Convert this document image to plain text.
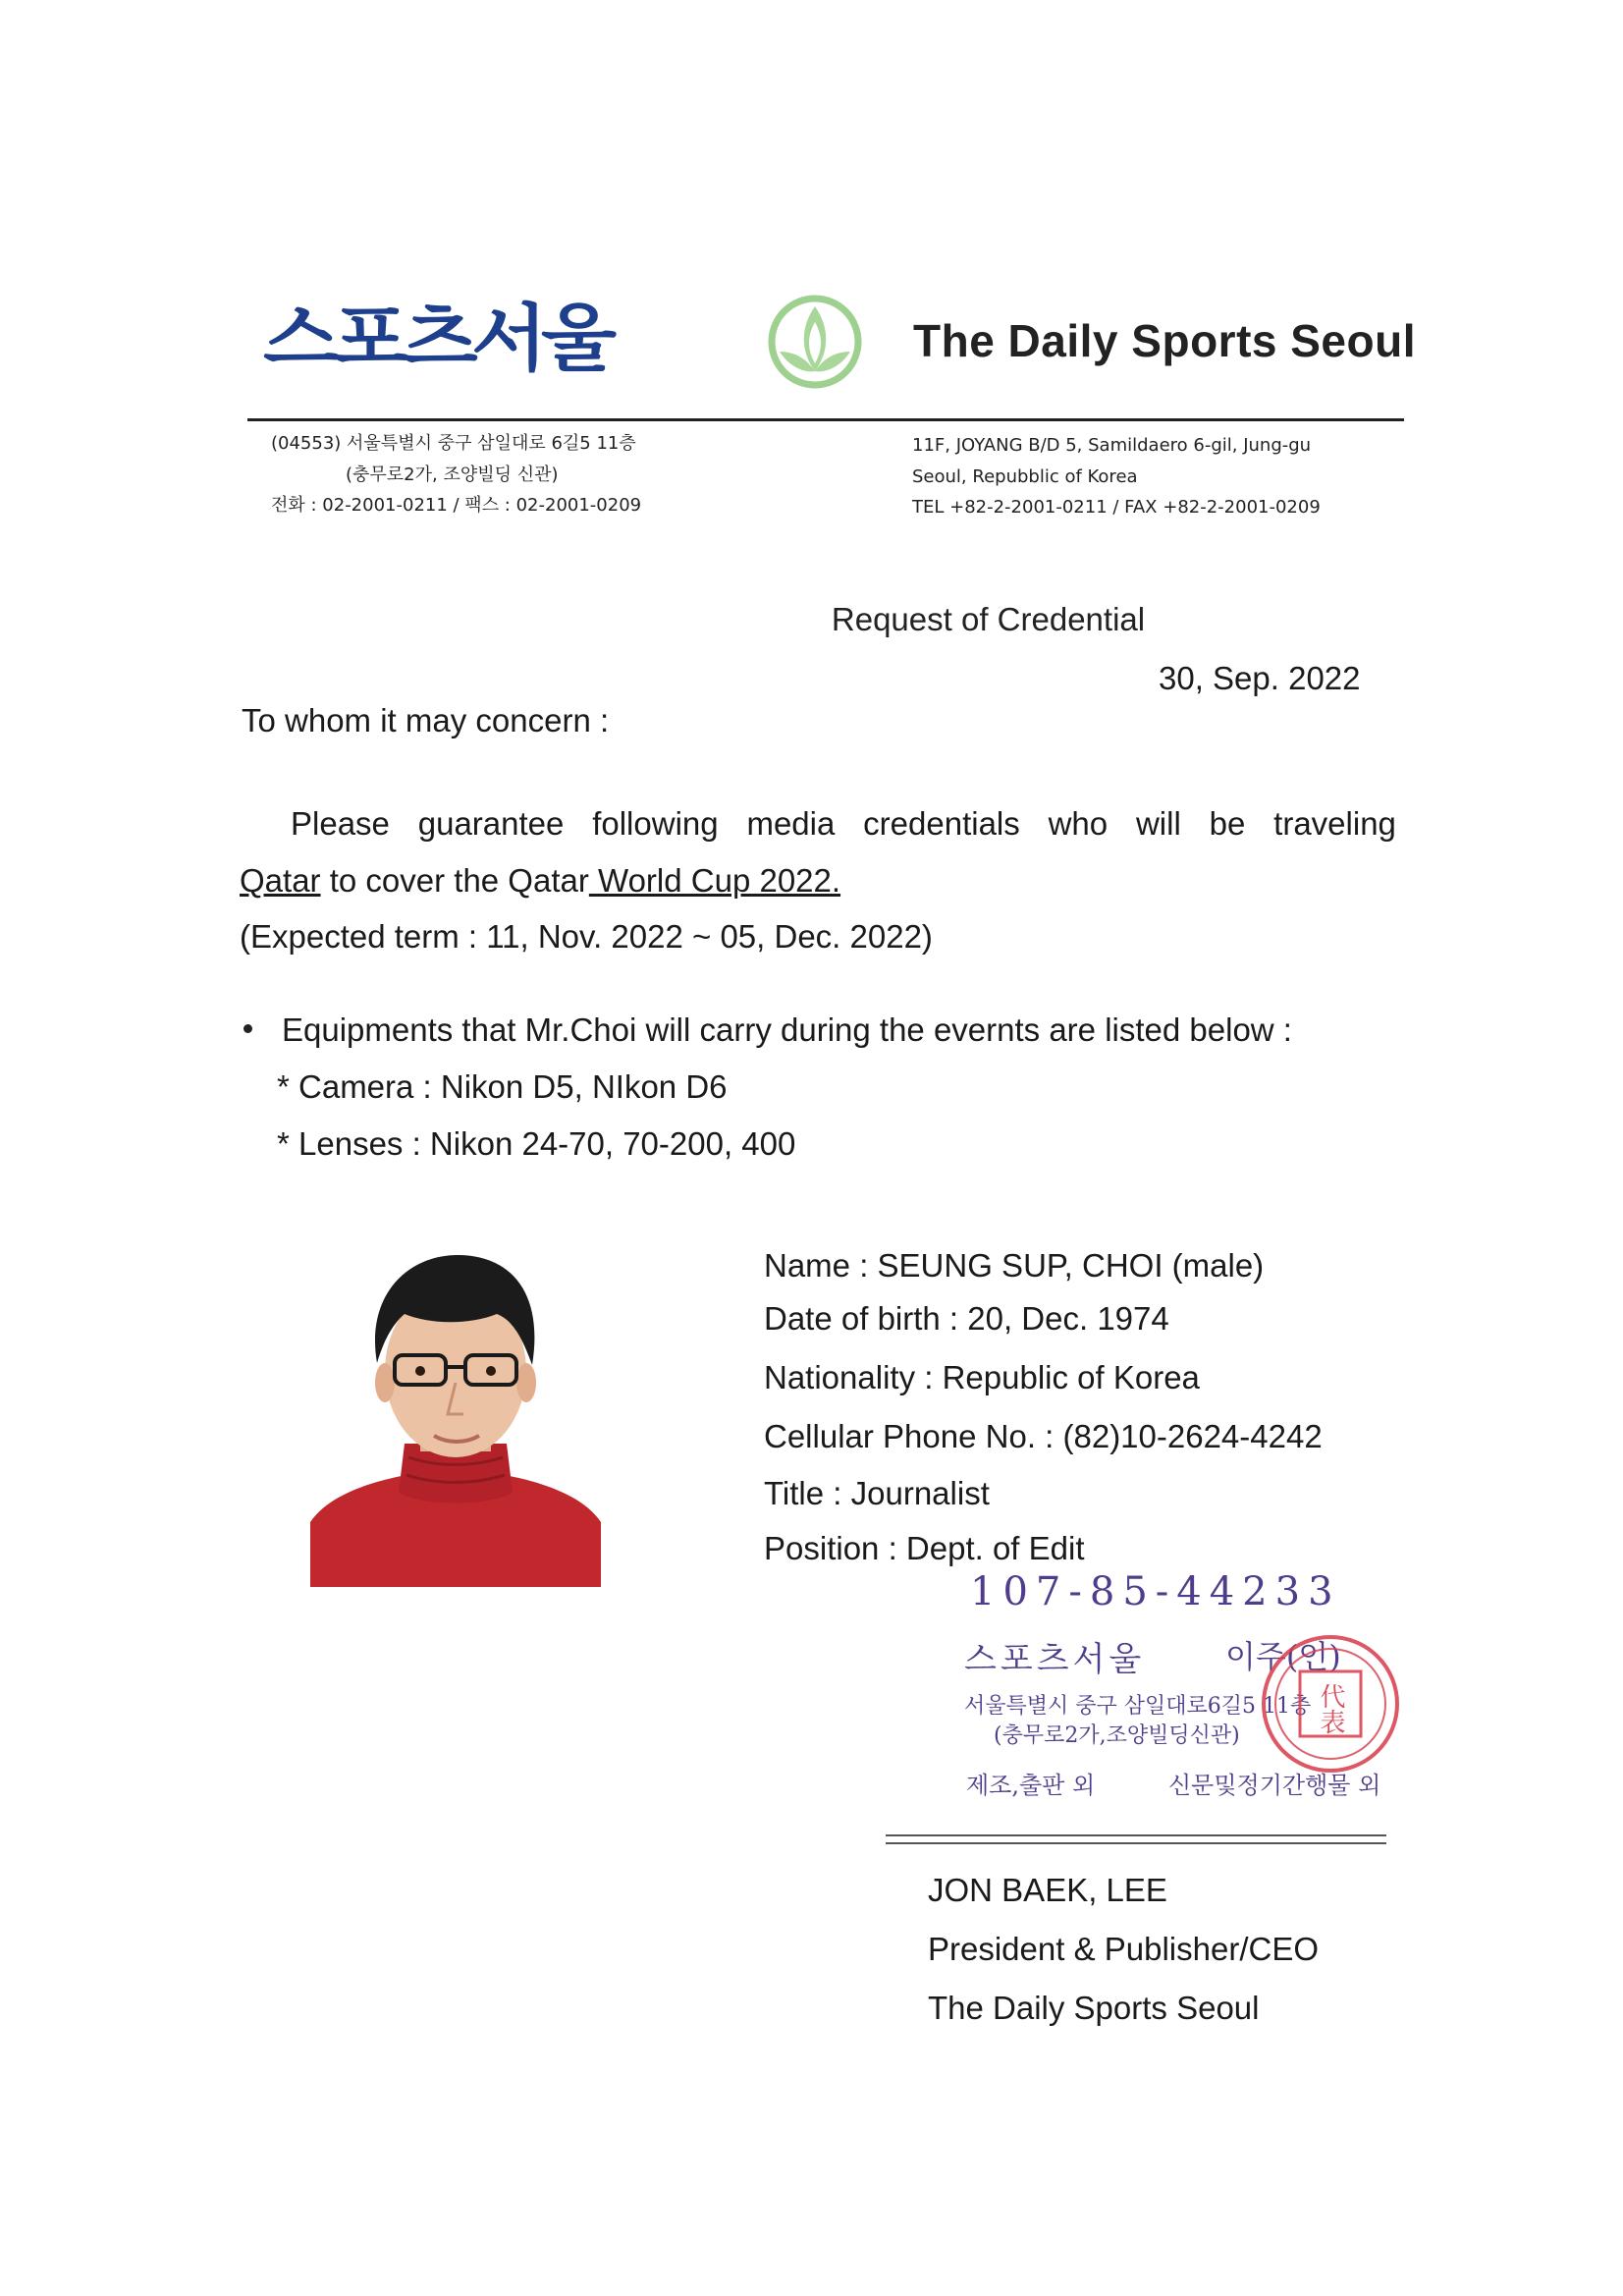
스포츠서울	The Daily Sports Seoul
(04553) 서울특별시 중구 삼일대로 6길5 11층
(충무로2가, 조양빌딩 신관)
전화 : 02-2001-0211 / 팩스 : 02-2001-0209
11F, JOYANG B/D 5, Samildaero 6-gil, Jung-gu
Seoul, Repubblic of Korea
TEL +82-2-2001-0211 / FAX +82-2-2001-0209
Request of Credential
30, Sep. 2022
To whom it may concern :
Please guarantee following media credentials who will be traveling
Qatar to cover the Qatar World Cup 2022.
(Expected term : 11, Nov. 2022 ~ 05, Dec. 2022)
Equipments that Mr.Choi will carry during the evernts are listed below :
* Camera : Nikon D5, NIkon D6
* Lenses : Nikon 24-70, 70-200, 400
Name : SEUNG SUP, CHOI (male)
Date of birth : 20, Dec. 1974
Nationality : Republic of Korea
Cellular Phone No. : (82)10-2624-4242
Title : Journalist
Position : Dept. of Edit
107-85-44233
스포츠서울	이주(인)
서울특별시 중구 삼일대로6길5 11층
(충무로2가,조양빌딩신관)
제조,출판 외	신문및정기간행물 외
代表
JON BAEK, LEE
President & Publisher/CEO
The Daily Sports Seoul
